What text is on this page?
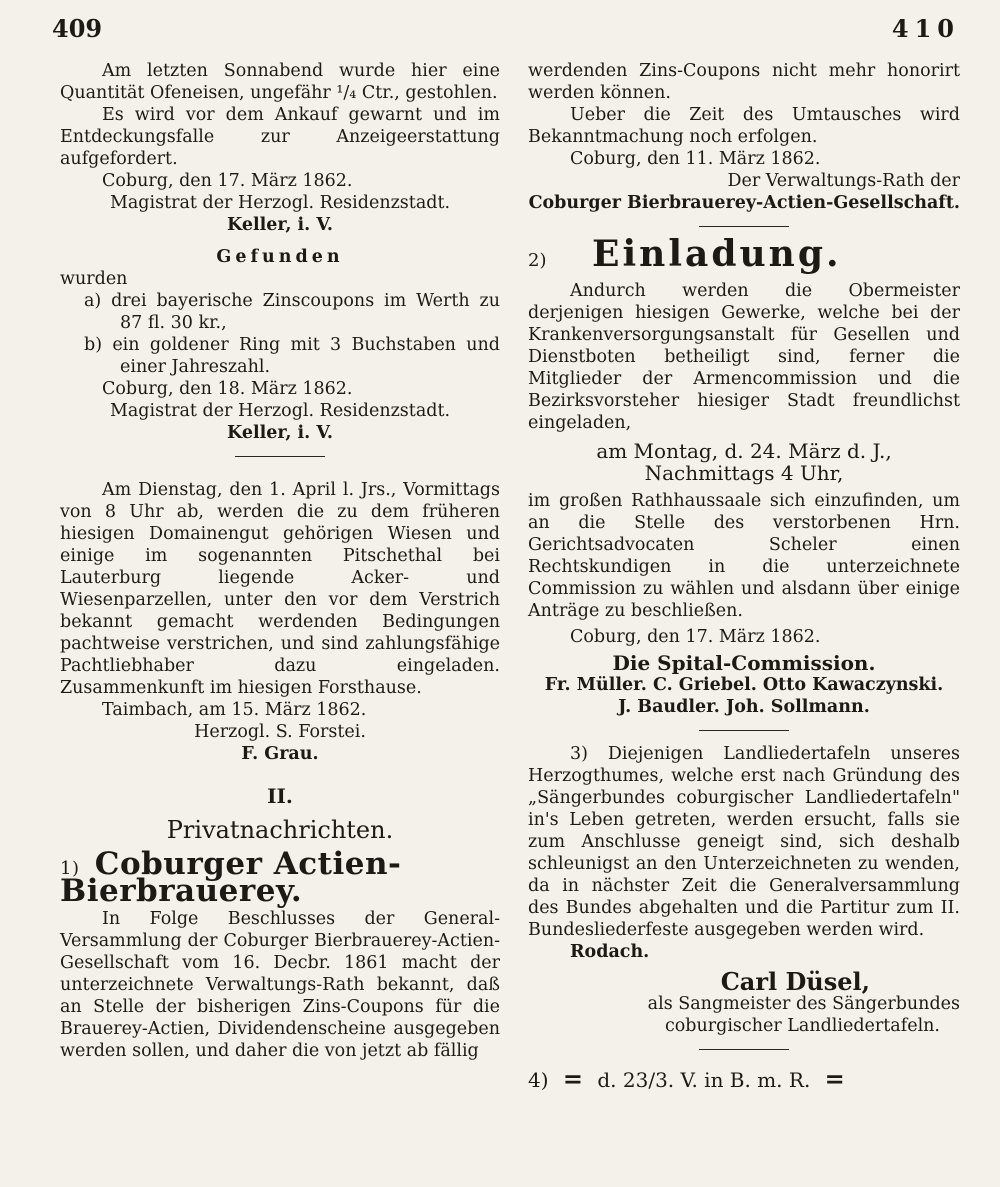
409	410

Am letzten Sonnabend wurde hier eine Quantität Ofeneisen, ungefähr ¹/₄ Ctr., gestohlen.

Es wird vor dem Ankauf gewarnt und im Entdeckungsfalle zur Anzeigeerstattung aufgefordert.

Coburg, den 17. März 1862.

Magistrat der Herzogl. Residenzstadt.

Keller, i. V.

Gefunden

wurden

a) drei bayerische Zinscoupons im Werth zu 87 fl. 30 kr.,

b) ein goldener Ring mit 3 Buchstaben und einer Jahreszahl.

Coburg, den 18. März 1862.

Magistrat der Herzogl. Residenzstadt.

Keller, i. V.

Am Dienstag, den 1. April l. Jrs., Vormittags von 8 Uhr ab, werden die zu dem früheren hiesigen Domainengut gehörigen Wiesen und einige im sogenannten Pitschethal bei Lauterburg liegende Acker- und Wiesenparzellen, unter den vor dem Verstrich bekannt gemacht werdenden Bedingungen pachtweise verstrichen, und sind zahlungsfähige Pachtliebhaber dazu eingeladen. Zusammenkunft im hiesigen Forsthause.

Taimbach, am 15. März 1862.

Herzogl. S. Forstei.

F. Grau.

II.

Privatnachrichten.

1) Coburger Actien-Bierbrauerey.

In Folge Beschlusses der General-Versammlung der Coburger Bierbrauerey-Actien-Gesellschaft vom 16. Decbr. 1861 macht der unterzeichnete Verwaltungs-Rath bekannt, daß an Stelle der bisherigen Zins-Coupons für die Brauerey-Actien, Dividendenscheine ausgegeben werden sollen, und daher die von jetzt ab fällig

werdenden Zins-Coupons nicht mehr honorirt werden können.

Ueber die Zeit des Umtausches wird Bekanntmachung noch erfolgen.

Coburg, den 11. März 1862.

Der Verwaltungs-Rath der

Coburger Bierbrauerey-Actien-Gesellschaft.

2) Einladung.

Andurch werden die Obermeister derjenigen hiesigen Gewerke, welche bei der Krankenversorgungsanstalt für Gesellen und Dienstboten betheiligt sind, ferner die Mitglieder der Armencommission und die Bezirksvorsteher hiesiger Stadt freundlichst eingeladen,

am Montag, d. 24. März d. J.,

Nachmittags 4 Uhr,

im großen Rathhaussaale sich einzufinden, um an die Stelle des verstorbenen Hrn. Gerichtsadvocaten Scheler einen Rechtskundigen in die unterzeichnete Commission zu wählen und alsdann über einige Anträge zu beschließen.

Coburg, den 17. März 1862.

Die Spital-Commission.

Fr. Müller. C. Griebel. Otto Kawaczynski.

J. Baudler. Joh. Sollmann.

3) Diejenigen Landliedertafeln unseres Herzogthumes, welche erst nach Gründung des „Sängerbundes coburgischer Landliedertafeln" in's Leben getreten, werden ersucht, falls sie zum Anschlusse geneigt sind, sich deshalb schleunigst an den Unterzeichneten zu wenden, da in nächster Zeit die Generalversammlung des Bundes abgehalten und die Partitur zum II. Bundesliederfeste ausgegeben werden wird.

Rodach.

Carl Düsel,

als Sangmeister des Sängerbundes

coburgischer Landliedertafeln.

4) = d. 23/3. V. in B. m. R. =
